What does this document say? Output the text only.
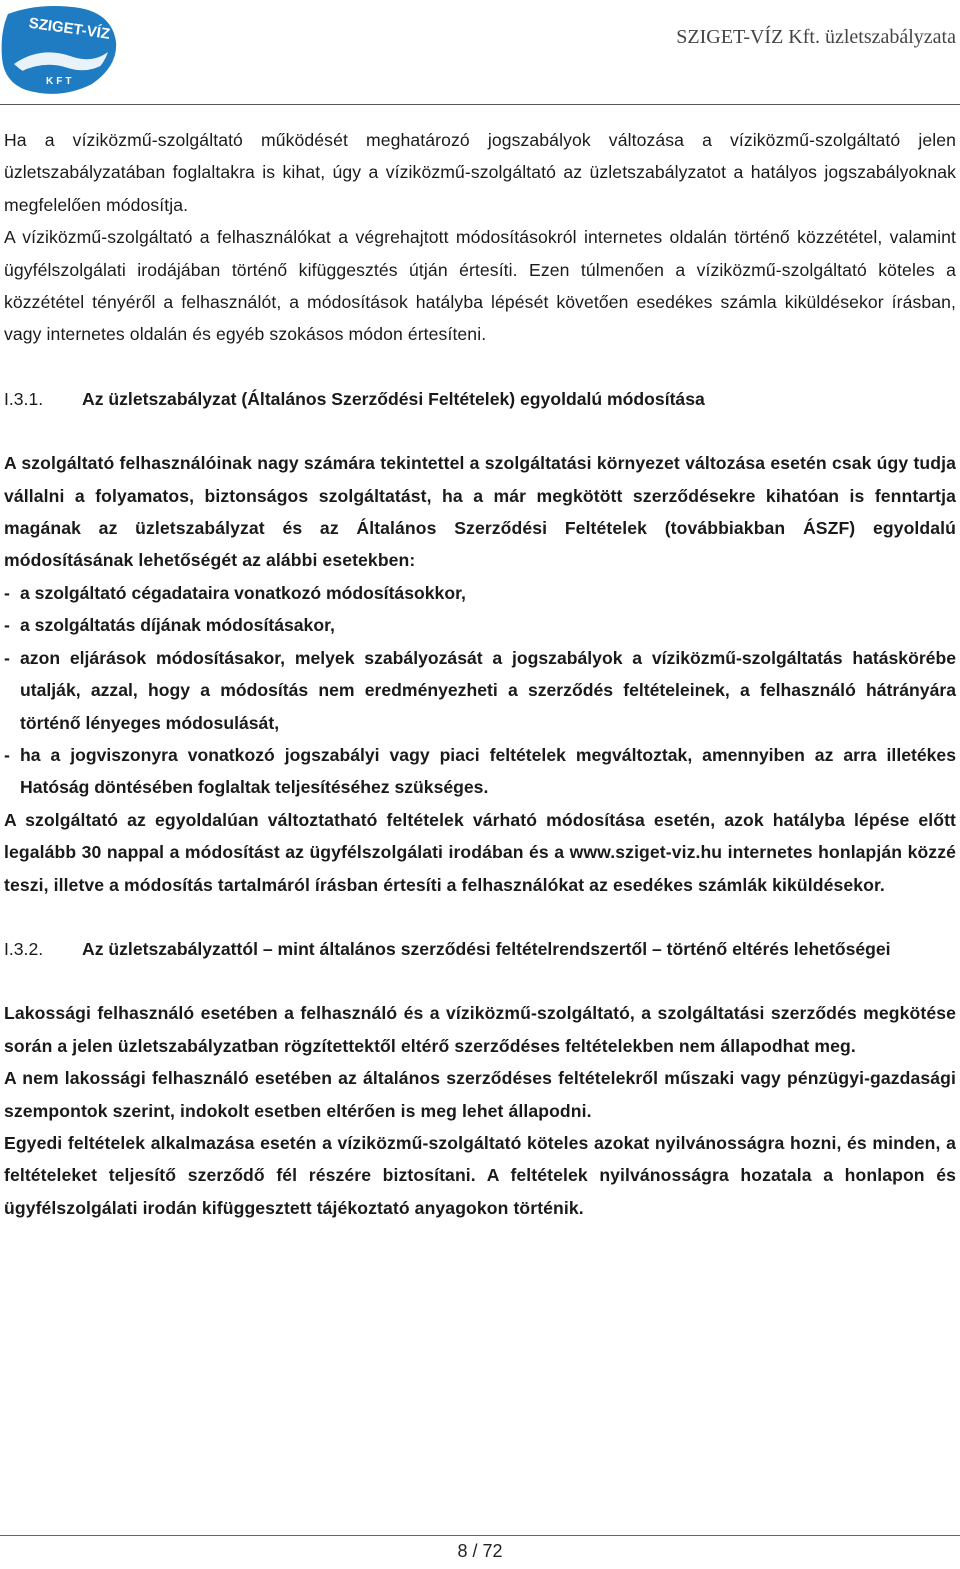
SZIGET-VÍZ
KFT
SZIGET-VÍZ Kft. üzletszabályzata

Ha a víziközmű-szolgáltató működését meghatározó jogszabályok változása a víziközmű-szolgáltató jelen üzletszabályzatában foglaltakra is kihat, úgy a víziközmű-szolgáltató az üzletszabályzatot a hatályos jogszabályoknak megfelelően módosítja.

A víziközmű-szolgáltató a felhasználókat a végrehajtott módosításokról internetes oldalán történő közzététel, valamint ügyfélszolgálati irodájában történő kifüggesztés útján értesíti. Ezen túlmenően a víziközmű-szolgáltató köteles a közzététel tényéről a felhasználót, a módosítások hatályba lépését követően esedékes számla kiküldésekor írásban, vagy internetes oldalán és egyéb szokásos módon értesíteni.

I.3.1.	Az üzletszabályzat (Általános Szerződési Feltételek) egyoldalú módosítása

A szolgáltató felhasználóinak nagy számára tekintettel a szolgáltatási környezet változása esetén csak úgy tudja vállalni a folyamatos, biztonságos szolgáltatást, ha a már megkötött szerződésekre kihatóan is fenntartja magának az üzletszabályzat és az Általános Szerződési Feltételek (továbbiakban ÁSZF) egyoldalú módosításának lehetőségét az alábbi esetekben:

- a szolgáltató cégadataira vonatkozó módosításokkor,
- a szolgáltatás díjának módosításakor,
- azon eljárások módosításakor, melyek szabályozását a jogszabályok a víziközmű-szolgáltatás hatáskörébe utalják, azzal, hogy a módosítás nem eredményezheti a szerződés feltételeinek, a felhasználó hátrányára történő lényeges módosulását,
- ha a jogviszonyra vonatkozó jogszabályi vagy piaci feltételek megváltoztak, amennyiben az arra illetékes Hatóság döntésében foglaltak teljesítéséhez szükséges.

A szolgáltató az egyoldalúan változtatható feltételek várható módosítása esetén, azok hatályba lépése előtt legalább 30 nappal a módosítást az ügyfélszolgálati irodában és a www.sziget-viz.hu internetes honlapján közzé teszi, illetve a módosítás tartalmáról írásban értesíti a felhasználókat az esedékes számlák kiküldésekor.

I.3.2.	Az üzletszabályzattól – mint általános szerződési feltételrendszertől – történő eltérés lehetőségei

Lakossági felhasználó esetében a felhasználó és a víziközmű-szolgáltató, a szolgáltatási szerződés megkötése során a jelen üzletszabályzatban rögzítettektől eltérő szerződéses feltételekben nem állapodhat meg.

A nem lakossági felhasználó esetében az általános szerződéses feltételekről műszaki vagy pénzügyi-gazdasági szempontok szerint, indokolt esetben eltérően is meg lehet állapodni.

Egyedi feltételek alkalmazása esetén a víziközmű-szolgáltató köteles azokat nyilvánosságra hozni, és minden, a feltételeket teljesítő szerződő fél részére biztosítani. A feltételek nyilvánosságra hozatala a honlapon és ügyfélszolgálati irodán kifüggesztett tájékoztató anyagokon történik.

8 / 72
